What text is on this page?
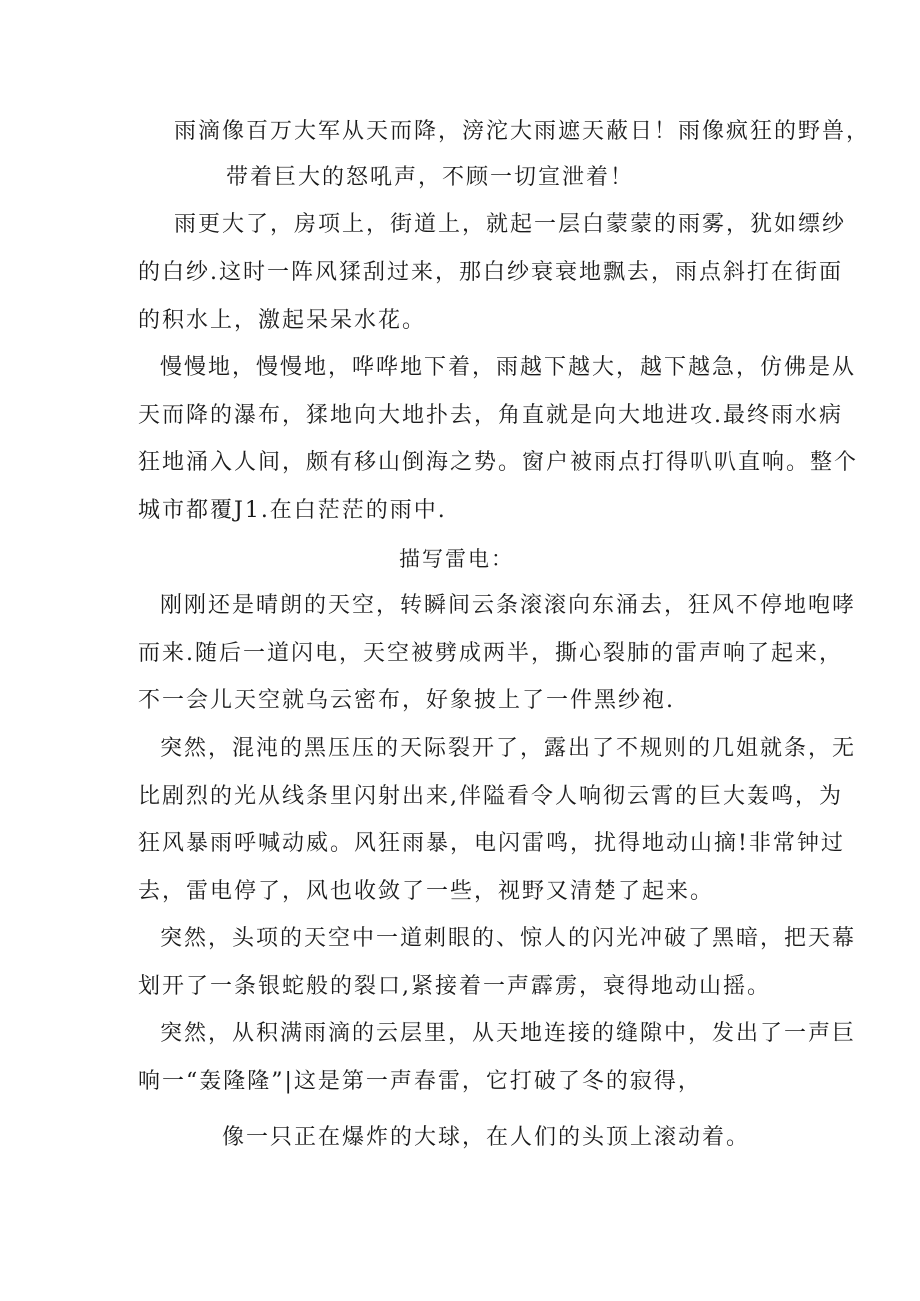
雨滴像百万大军从天而降，滂沱大雨遮天蔽日！雨像疯狂的野兽，
带着巨大的怒吼声，不顾一切宣泄着！
雨更大了，房项上，街道上，就起一层白蒙蒙的雨雾，犹如缥纱
的白纱.这时一阵风猱刮过来，那白纱衰衰地飘去，雨点斜打在街面
的积水上，激起呆呆水花。
慢慢地，慢慢地，哗哗地下着，雨越下越大，越下越急，仿佛是从
天而降的瀑布，猱地向大地扑去，角直就是向大地进攻.最终雨水病
狂地涌入人间，颇有移山倒海之势。窗户被雨点打得叭叭直响。整个
城市都覆J1.在白茫茫的雨中.
描写雷电：
刚刚还是晴朗的天空，转瞬间云条滚滚向东涌去，狂风不停地咆哮
而来.随后一道闪电，天空被劈成两半，撕心裂肺的雷声响了起来，
不一会儿天空就乌云密布，好象披上了一件黑纱袍.
突然，混沌的黑压压的天际裂开了，露出了不规则的几姐就条，无
比剧烈的光从线条里闪射出来,伴隘看令人响彻云霄的巨大轰鸣，为
狂风暴雨呼喊动威。风狂雨暴，电闪雷鸣，扰得地动山摘!非常钟过
去，雷电停了，风也收敛了一些，视野又清楚了起来。
突然，头项的天空中一道刺眼的、惊人的闪光冲破了黑暗，把天幕
划开了一条银蛇般的裂口,紧接着一声霹雳，衰得地动山摇。
突然，从积满雨滴的云层里，从天地连接的缝隙中，发出了一声巨
响一“轰隆隆”|这是第一声春雷，它打破了冬的寂得，
像一只正在爆炸的大球，在人们的头顶上滚动着。
